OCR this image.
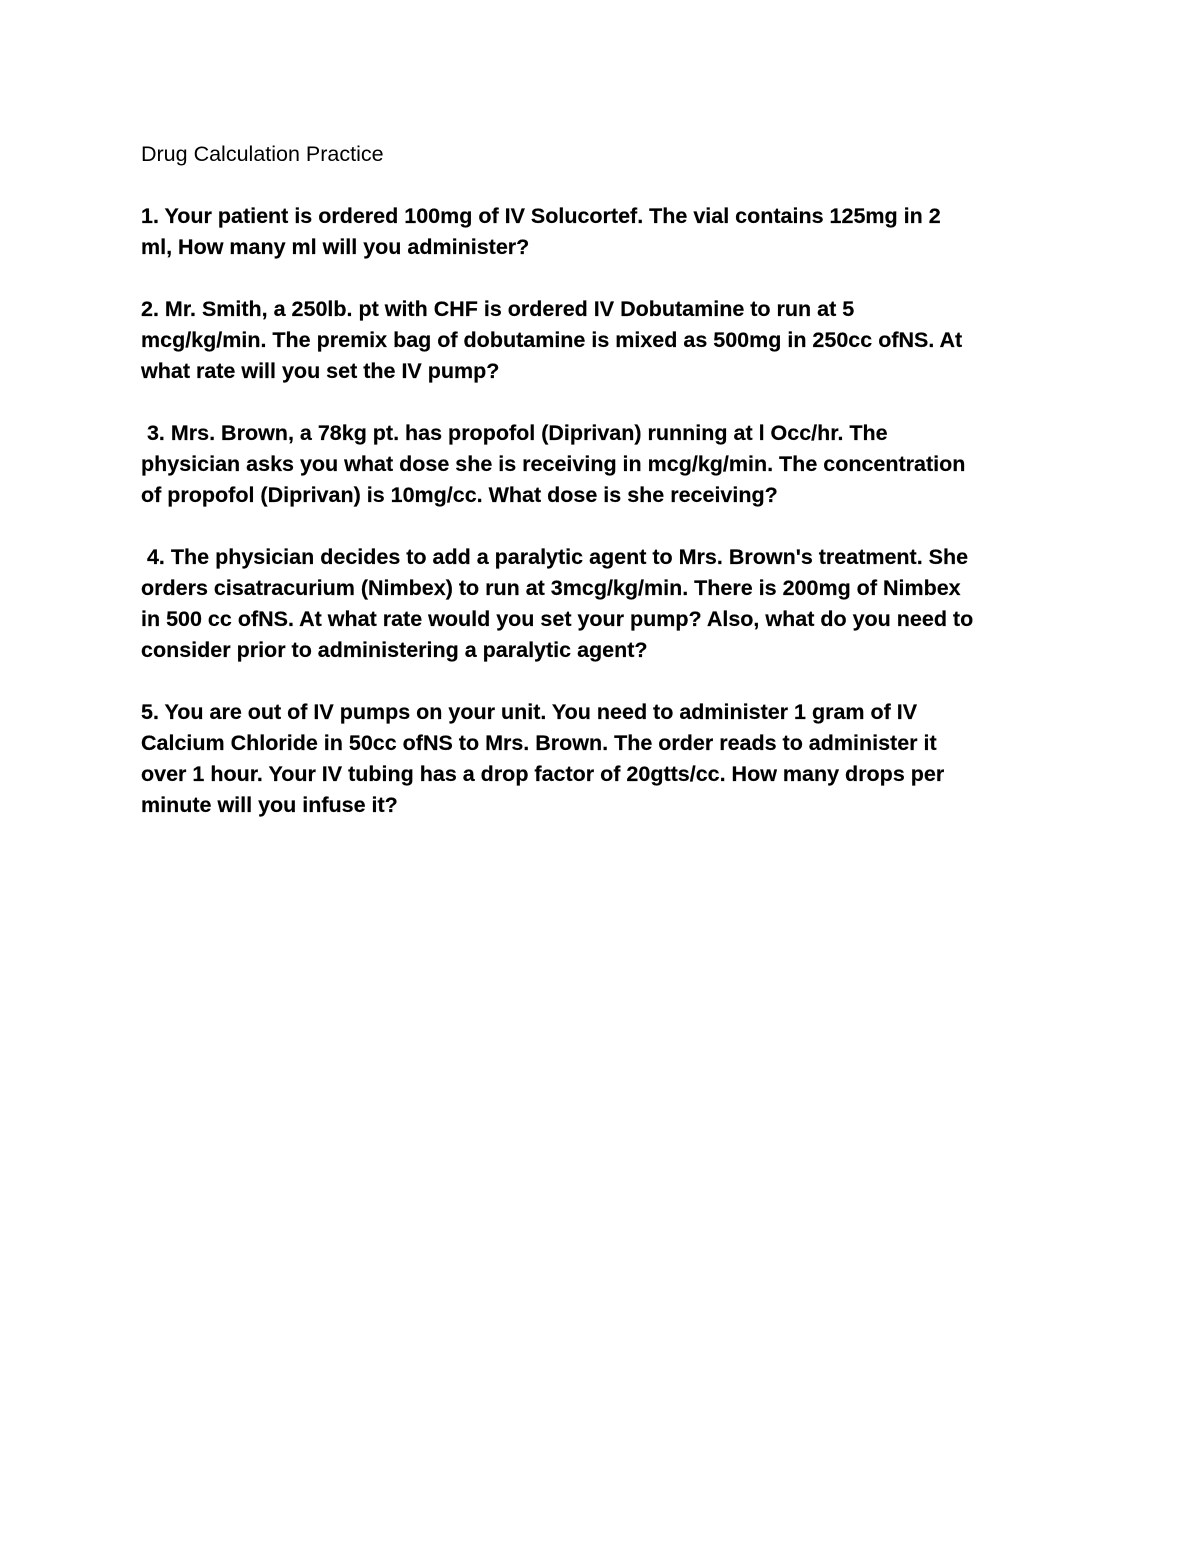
Drug Calculation Practice
1. Your patient is ordered 100mg of IV Solucortef. The vial contains 125mg in 2
ml, How many ml will you administer?
2. Mr. Smith, a 250lb. pt with CHF is ordered IV Dobutamine to run at 5
mcg/kg/min. The premix bag of dobutamine is mixed as 500mg in 250cc ofNS. At
what rate will you set the IV pump?
3. Mrs. Brown, a 78kg pt. has propofol (Diprivan) running at l Occ/hr. The
physician asks you what dose she is receiving in mcg/kg/min. The concentration
of propofol (Diprivan) is 10mg/cc. What dose is she receiving?
4. The physician decides to add a paralytic agent to Mrs. Brown's treatment. She
orders cisatracurium (Nimbex) to run at 3mcg/kg/min. There is 200mg of Nimbex
in 500 cc ofNS. At what rate would you set your pump? Also, what do you need to
consider prior to administering a paralytic agent?
5. You are out of IV pumps on your unit. You need to administer 1 gram of IV
Calcium Chloride in 50cc ofNS to Mrs. Brown. The order reads to administer it
over 1 hour. Your IV tubing has a drop factor of 20gtts/cc. How many drops per
minute will you infuse it?
